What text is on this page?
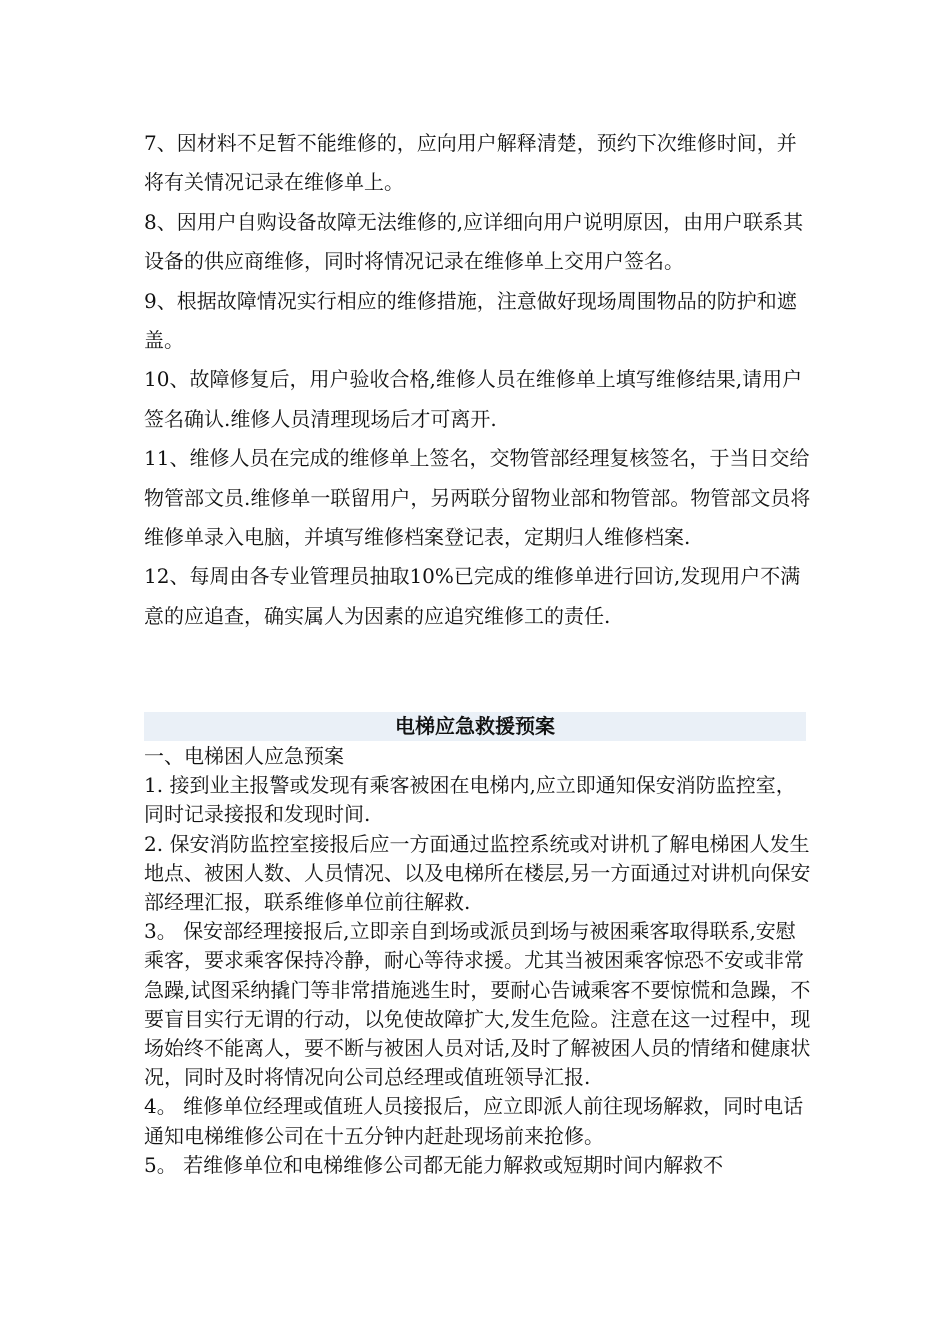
7、因材料不足暂不能维修的，应向用户解释清楚，预约下次维修时间，并将有关情况记录在维修单上。

8、因用户自购设备故障无法维修的,应详细向用户说明原因，由用户联系其设备的供应商维修，同时将情况记录在维修单上交用户签名。

9、根据故障情况实行相应的维修措施，注意做好现场周围物品的防护和遮盖。

10、故障修复后，用户验收合格,维修人员在维修单上填写维修结果,请用户签名确认.维修人员清理现场后才可离开.

11、维修人员在完成的维修单上签名，交物管部经理复核签名，于当日交给物管部文员.维修单一联留用户，另两联分留物业部和物管部。物管部文员将维修单录入电脑，并填写维修档案登记表，定期归人维修档案.

12、每周由各专业管理员抽取10%已完成的维修单进行回访,发现用户不满意的应追查，确实属人为因素的应追究维修工的责任.

电梯应急救援预案

一、电梯困人应急预案

1. 接到业主报警或发现有乘客被困在电梯内,应立即通知保安消防监控室，同时记录接报和发现时间.

2. 保安消防监控室接报后应一方面通过监控系统或对讲机了解电梯困人发生地点、被困人数、人员情况、以及电梯所在楼层,另一方面通过对讲机向保安部经理汇报，联系维修单位前往解救.

3。 保安部经理接报后,立即亲自到场或派员到场与被困乘客取得联系,安慰乘客，要求乘客保持冷静，耐心等待求援。尤其当被困乘客惊恐不安或非常急躁,试图采纳撬门等非常措施逃生时，要耐心告诫乘客不要惊慌和急躁，不要盲目实行无谓的行动，以免使故障扩大,发生危险。注意在这一过程中，现场始终不能离人，要不断与被困人员对话,及时了解被困人员的情绪和健康状况，同时及时将情况向公司总经理或值班领导汇报.

4。 维修单位经理或值班人员接报后，应立即派人前往现场解救，同时电话通知电梯维修公司在十五分钟内赶赴现场前来抢修。

5。 若维修单位和电梯维修公司都无能力解救或短期时间内解救不
